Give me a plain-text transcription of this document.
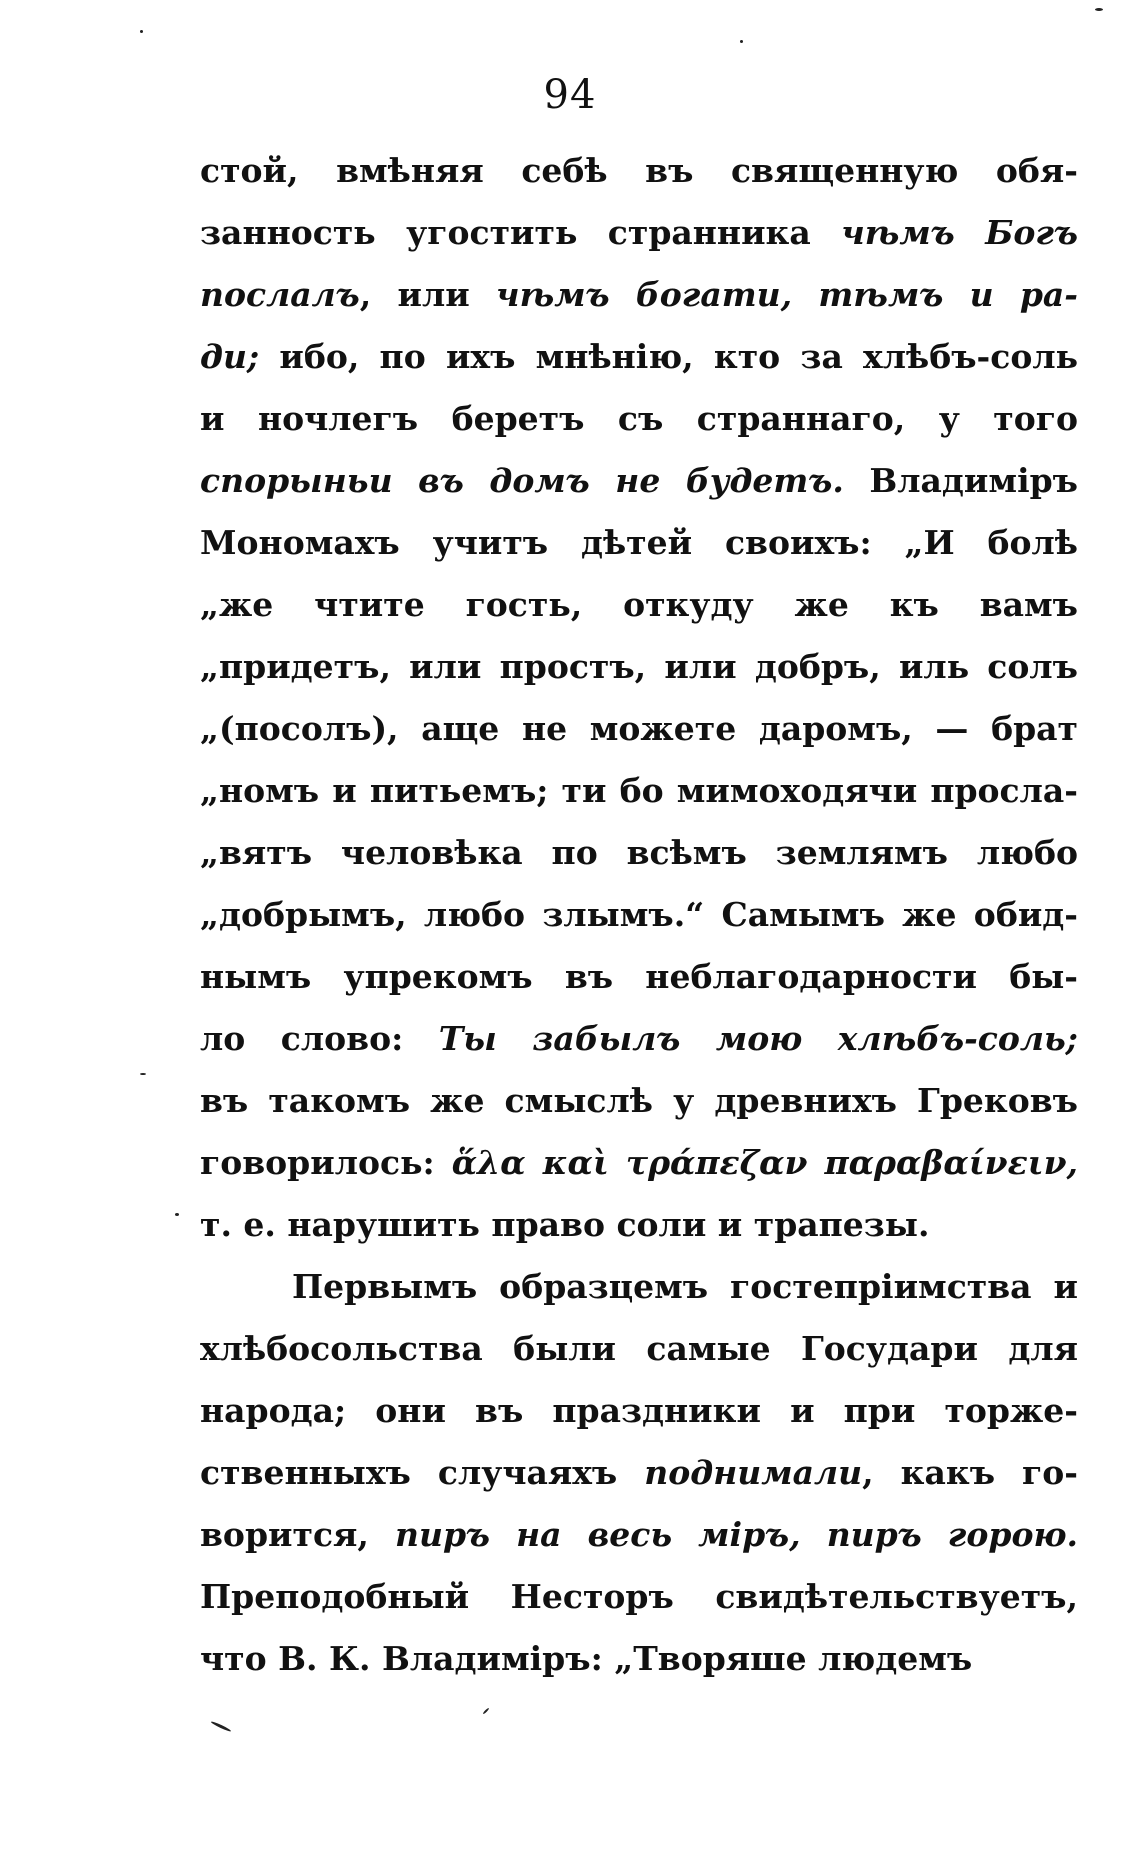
94
стой, вмѣняя себѣ въ священную обя-
занность угостить странника чѣмъ Богъ
послалъ, или чѣмъ богати, тѣмъ и ра-
ди; ибо, по ихъ мнѣнію, кто за хлѣбъ-соль
и ночлегъ беретъ съ страннаго, у того
спорыньи въ домъ не будетъ. Владиміръ
Мономахъ учитъ дѣтей своихъ: „И болѣ
„же чтите гость, откуду же къ вамъ
„придетъ, или простъ, или добръ, иль солъ
„(посолъ), аще не можете даромъ, — брат
„номъ и питьемъ; ти бо мимоходячи просла-
„вятъ человѣка по всѣмъ землямъ любо
„добрымъ, любо злымъ.“ Самымъ же обид-
нымъ упрекомъ въ неблагодарности бы-
ло слово: Ты забылъ мою хлѣбъ-соль;
въ такомъ же смыслѣ у древнихъ Грековъ
говорилось: ἅλα καὶ τράπεζαν παραβαίνειν,
т. е. нарушить право соли и трапезы.
Первымъ образцемъ гостепріимства и
хлѣбосольства были самые Государи для
народа; они въ праздники и при торже-
ственныхъ случаяхъ поднимали, какъ го-
ворится, пиръ на весь міръ, пиръ горою.
Преподобный Несторъ свидѣтельствуетъ,
что В. К. Владиміръ: „Творяше людемъ
